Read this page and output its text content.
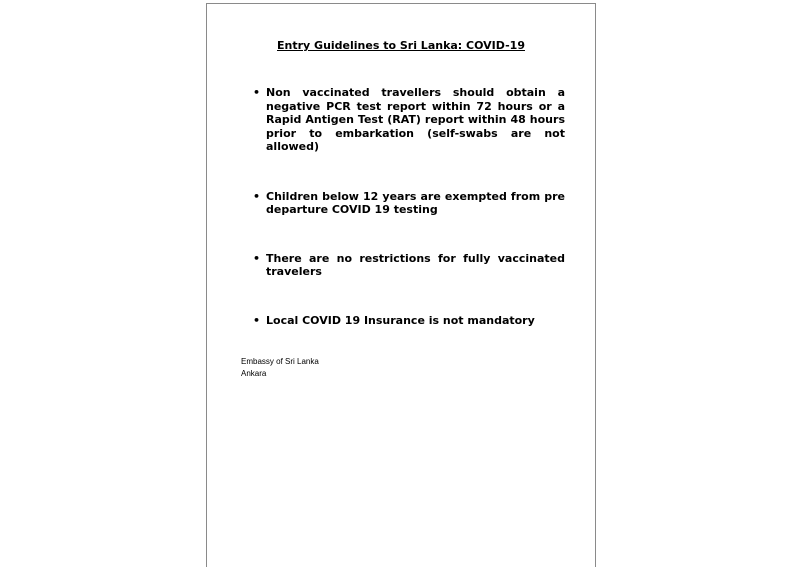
Entry Guidelines to Sri Lanka: COVID-19
• Non vaccinated travellers should obtain a negative PCR test report within 72 hours or a Rapid Antigen Test (RAT) report within 48 hours prior to embarkation (self-swabs are not allowed)
• Children below 12 years are exempted from pre departure COVID 19 testing
• There are no restrictions for fully vaccinated travelers
• Local COVID 19 Insurance is not mandatory
Embassy of Sri Lanka
Ankara
